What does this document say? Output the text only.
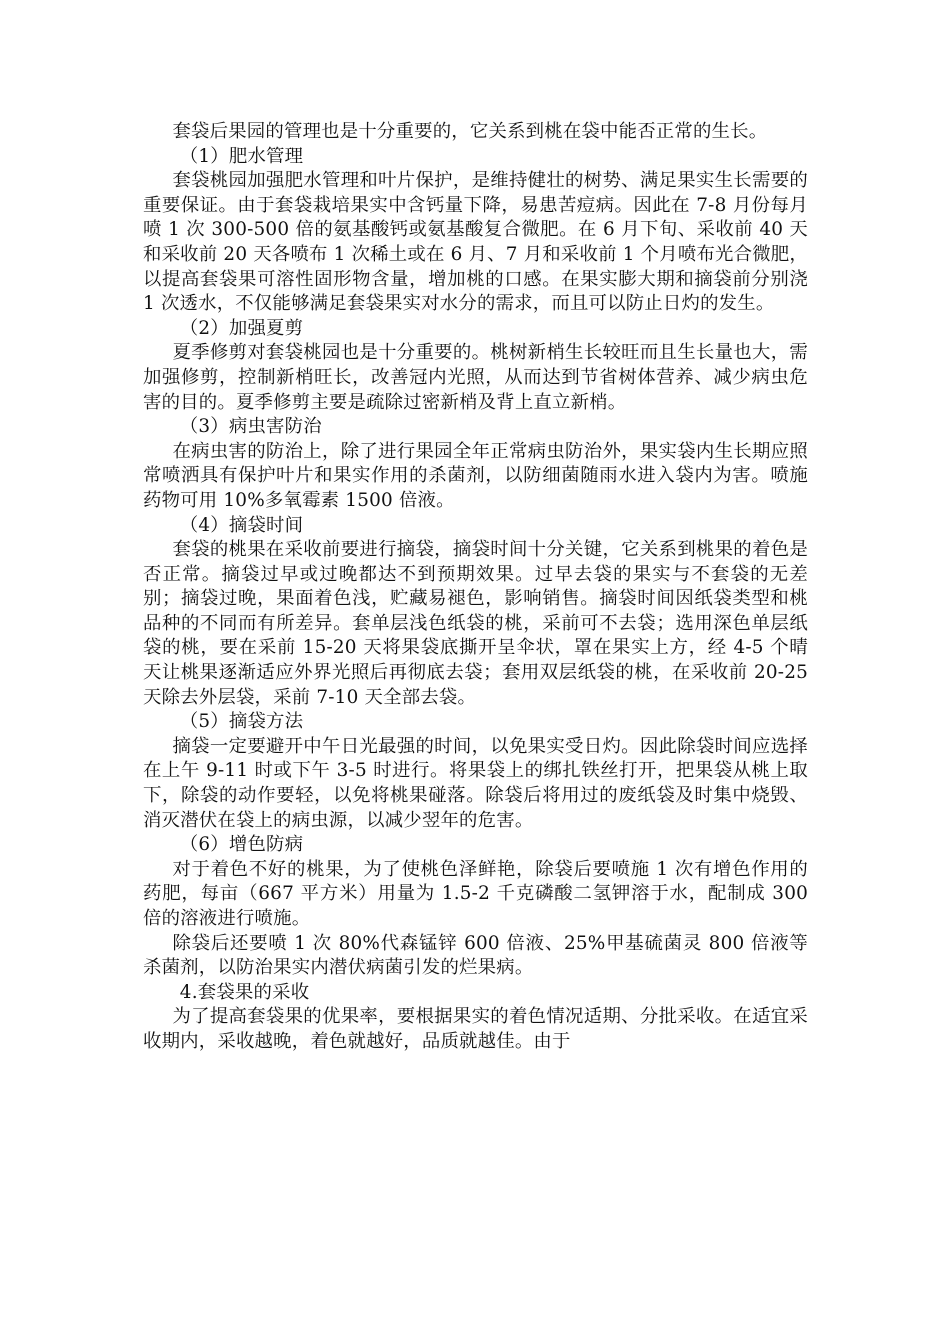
套袋后果园的管理也是十分重要的，它关系到桃在袋中能否正常的生长。

（1）肥水管理

套袋桃园加强肥水管理和叶片保护，是维持健壮的树势、满足果实生长需要的重要保证。由于套袋栽培果实中含钙量下降，易患苦痘病。因此在 7-8 月份每月喷 1 次 300-500 倍的氨基酸钙或氨基酸复合微肥。在 6 月下旬、采收前 40 天和采收前 20 天各喷布 1 次稀土或在 6 月、7 月和采收前 1 个月喷布光合微肥，以提高套袋果可溶性固形物含量，增加桃的口感。在果实膨大期和摘袋前分别浇 1 次透水，不仅能够满足套袋果实对水分的需求，而且可以防止日灼的发生。

（2）加强夏剪

夏季修剪对套袋桃园也是十分重要的。桃树新梢生长较旺而且生长量也大，需加强修剪，控制新梢旺长，改善冠内光照，从而达到节省树体营养、减少病虫危害的目的。夏季修剪主要是疏除过密新梢及背上直立新梢。

（3）病虫害防治

在病虫害的防治上，除了进行果园全年正常病虫防治外，果实袋内生长期应照常喷洒具有保护叶片和果实作用的杀菌剂，以防细菌随雨水进入袋内为害。喷施药物可用 10%多氧霉素 1500 倍液。

（4）摘袋时间

套袋的桃果在采收前要进行摘袋，摘袋时间十分关键，它关系到桃果的着色是否正常。摘袋过早或过晚都达不到预期效果。过早去袋的果实与不套袋的无差别；摘袋过晚，果面着色浅，贮藏易褪色，影响销售。摘袋时间因纸袋类型和桃品种的不同而有所差异。套单层浅色纸袋的桃，采前可不去袋；选用深色单层纸袋的桃，要在采前 15-20 天将果袋底撕开呈伞状，罩在果实上方，经 4-5 个晴天让桃果逐渐适应外界光照后再彻底去袋；套用双层纸袋的桃，在采收前 20-25 天除去外层袋，采前 7-10 天全部去袋。

（5）摘袋方法

摘袋一定要避开中午日光最强的时间，以免果实受日灼。因此除袋时间应选择在上午 9-11 时或下午 3-5 时进行。将果袋上的绑扎铁丝打开，把果袋从桃上取下，除袋的动作要轻，以免将桃果碰落。除袋后将用过的废纸袋及时集中烧毁、消灭潜伏在袋上的病虫源，以减少翌年的危害。

（6）增色防病

对于着色不好的桃果，为了使桃色泽鲜艳，除袋后要喷施 1 次有增色作用的药肥，每亩（667 平方米）用量为 1.5-2 千克磷酸二氢钾溶于水，配制成 300 倍的溶液进行喷施。

除袋后还要喷 1 次 80%代森锰锌 600 倍液、25%甲基硫菌灵 800 倍液等杀菌剂，以防治果实内潜伏病菌引发的烂果病。

4.套袋果的采收

为了提高套袋果的优果率，要根据果实的着色情况适期、分批采收。在适宜采收期内，采收越晚，着色就越好，品质就越佳。由于
